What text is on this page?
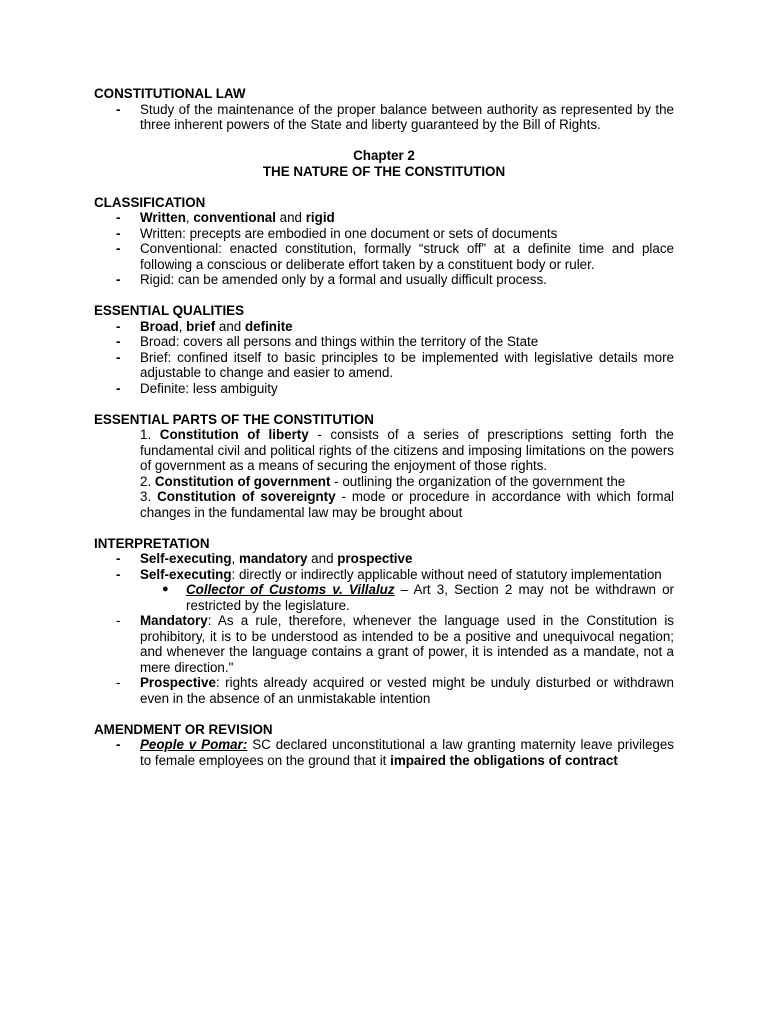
CONSTITUTIONAL LAW
- Study of the maintenance of the proper balance between authority as represented by the three inherent powers of the State and liberty guaranteed by the Bill of Rights.
Chapter 2
THE NATURE OF THE CONSTITUTION
CLASSIFICATION
- Written, conventional and rigid
- Written: precepts are embodied in one document or sets of documents
- Conventional: enacted constitution, formally “struck off” at a definite time and place following a conscious or deliberate effort taken by a constituent body or ruler.
- Rigid: can be amended only by a formal and usually difficult process.
ESSENTIAL QUALITIES
- Broad, brief and definite
- Broad: covers all persons and things within the territory of the State
- Brief: confined itself to basic principles to be implemented with legislative details more adjustable to change and easier to amend.
- Definite: less ambiguity
ESSENTIAL PARTS OF THE CONSTITUTION
1. Constitution of liberty - consists of a series of prescriptions setting forth the fundamental civil and political rights of the citizens and imposing limitations on the powers of government as a means of securing the enjoyment of those rights.
2. Constitution of government - outlining the organization of the government the
3. Constitution of sovereignty - mode or procedure in accordance with which formal changes in the fundamental law may be brought about
INTERPRETATION
- Self-executing, mandatory and prospective
- Self-executing: directly or indirectly applicable without need of statutory implementation
● Collector of Customs v. Villaluz – Art 3, Section 2 may not be withdrawn or restricted by the legislature.
- Mandatory: As a rule, therefore, whenever the language used in the Constitution is prohibitory, it is to be understood as intended to be a positive and unequivocal negation; and whenever the language contains a grant of power, it is intended as a mandate, not a mere direction."
- Prospective: rights already acquired or vested might be unduly disturbed or withdrawn even in the absence of an unmistakable intention
AMENDMENT OR REVISION
- People v Pomar: SC declared unconstitutional a law granting maternity leave privileges to female employees on the ground that it impaired the obligations of contract
